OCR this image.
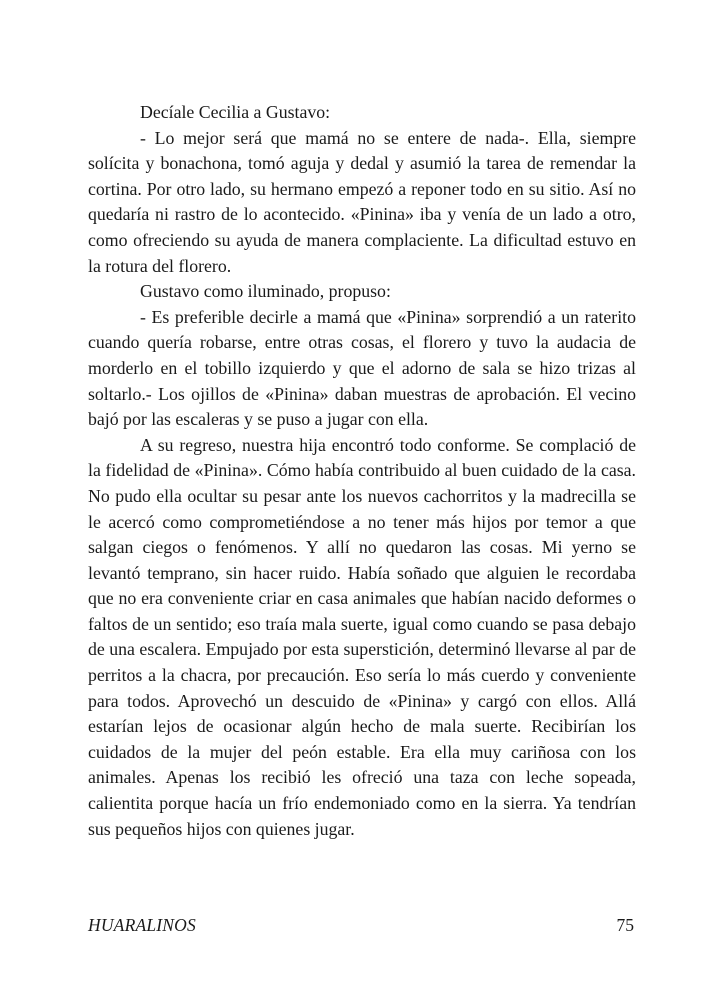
Decíale Cecilia a Gustavo:

- Lo mejor será que mamá no se entere de nada-. Ella, siempre solícita y bonachona, tomó aguja y dedal y asumió la tarea de remendar la cortina. Por otro lado, su hermano empezó a reponer todo en su sitio. Así no quedaría ni rastro de lo acontecido. «Pinina» iba y venía de un lado a otro, como ofreciendo su ayuda de manera complaciente. La dificultad estuvo en la rotura del florero.

Gustavo como iluminado, propuso:

- Es preferible decirle a mamá que «Pinina» sorprendió a un raterito cuando quería robarse, entre otras cosas, el florero y tuvo la audacia de morderlo en el tobillo izquierdo y que el adorno de sala se hizo trizas al soltarlo.- Los ojillos de «Pinina» daban muestras de aprobación. El vecino bajó por las escaleras y se puso a jugar con ella.

A su regreso, nuestra hija encontró todo conforme. Se complació de la fidelidad de «Pinina». Cómo había contribuido al buen cuidado de la casa. No pudo ella ocultar su pesar ante los nuevos cachorritos y la madrecilla se le acercó como comprometiéndose a no tener más hijos por temor a que salgan ciegos o fenómenos. Y allí no quedaron las cosas. Mi yerno se levantó temprano, sin hacer ruido. Había soñado que alguien le recordaba que no era conveniente criar en casa animales que habían nacido deformes o faltos de un sentido; eso traía mala suerte, igual como cuando se pasa debajo de una escalera. Empujado por esta superstición, determinó llevarse al par de perritos a la chacra, por precaución. Eso sería lo más cuerdo y conveniente para todos. Aprovechó un descuido de «Pinina» y cargó con ellos. Allá estarían lejos de ocasionar algún hecho de mala suerte. Recibirían los cuidados de la mujer del peón estable. Era ella muy cariñosa con los animales. Apenas los recibió les ofreció una taza con leche sopeada, calientita porque hacía un frío endemoniado como en la sierra. Ya tendrían sus pequeños hijos con quienes jugar.

HUARALINOS	75
